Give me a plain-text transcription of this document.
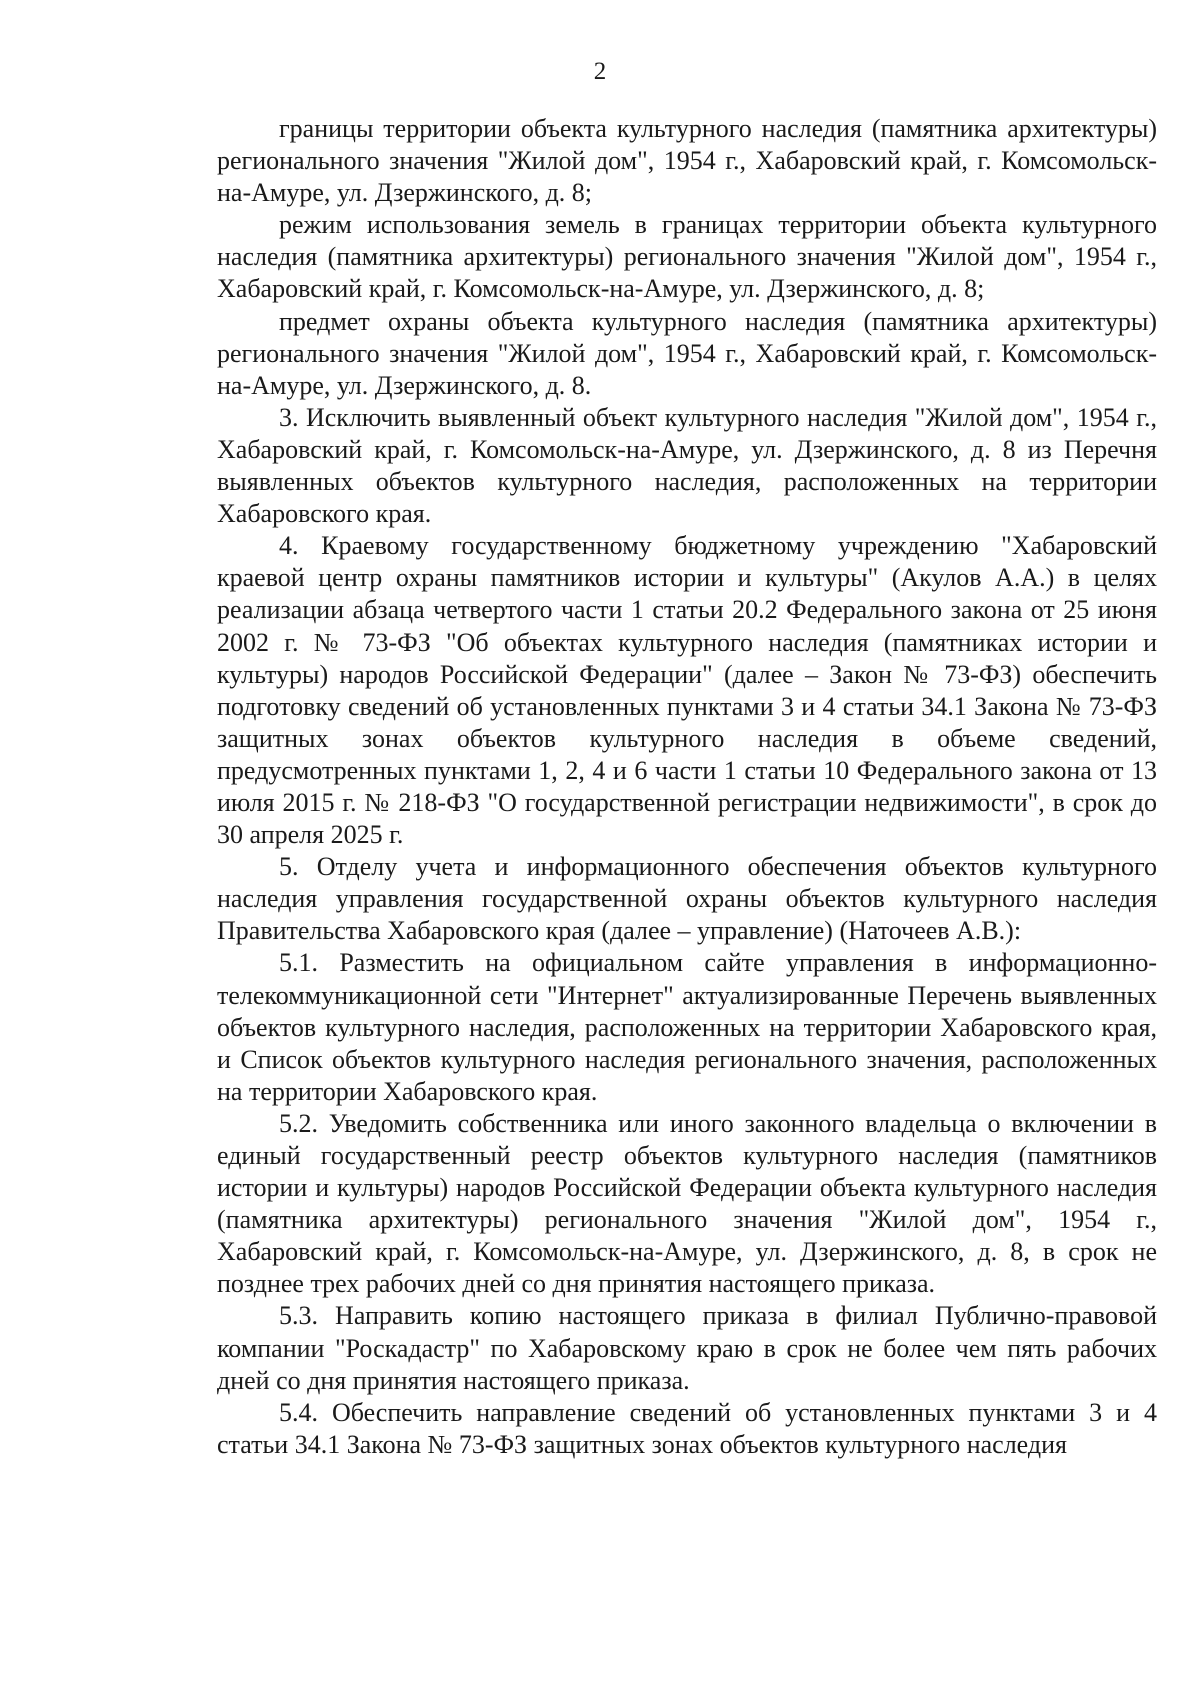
2

границы территории объекта культурного наследия (памятника архитектуры) регионального значения "Жилой дом", 1954 г., Хабаровский край, г. Комсомольск-на-Амуре, ул. Дзержинского, д. 8;

режим использования земель в границах территории объекта культурного наследия (памятника архитектуры) регионального значения "Жилой дом", 1954 г., Хабаровский край, г. Комсомольск-на-Амуре, ул. Дзержинского, д. 8;

предмет охраны объекта культурного наследия (памятника архитектуры) регионального значения "Жилой дом", 1954 г., Хабаровский край, г. Комсомольск-на-Амуре, ул. Дзержинского, д. 8.

3. Исключить выявленный объект культурного наследия "Жилой дом", 1954 г., Хабаровский край, г. Комсомольск-на-Амуре, ул. Дзержинского, д. 8 из Перечня выявленных объектов культурного наследия, расположенных на территории Хабаровского края.

4. Краевому государственному бюджетному учреждению "Хабаровский краевой центр охраны памятников истории и культуры" (Акулов А.А.) в целях реализации абзаца четвертого части 1 статьи 20.2 Федерального закона от 25 июня 2002 г. № 73-ФЗ "Об объектах культурного наследия (памятниках истории и культуры) народов Российской Федерации" (далее – Закон № 73-ФЗ) обеспечить подготовку сведений об установленных пунктами 3 и 4 статьи 34.1 Закона № 73-ФЗ защитных зонах объектов культурного наследия в объеме сведений, предусмотренных пунктами 1, 2, 4 и 6 части 1 статьи 10 Федерального закона от 13 июля 2015 г. № 218-ФЗ "О государственной регистрации недвижимости", в срок до 30 апреля 2025 г.

5. Отделу учета и информационного обеспечения объектов культурного наследия управления государственной охраны объектов культурного наследия Правительства Хабаровского края (далее – управление) (Наточеев А.В.):

5.1. Разместить на официальном сайте управления в информационно-телекоммуникационной сети "Интернет" актуализированные Перечень выявленных объектов культурного наследия, расположенных на территории Хабаровского края, и Список объектов культурного наследия регионального значения, расположенных на территории Хабаровского края.

5.2. Уведомить собственника или иного законного владельца о включении в единый государственный реестр объектов культурного наследия (памятников истории и культуры) народов Российской Федерации объекта культурного наследия (памятника архитектуры) регионального значения "Жилой дом", 1954 г., Хабаровский край, г. Комсомольск-на-Амуре, ул. Дзержинского, д. 8, в срок не позднее трех рабочих дней со дня принятия настоящего приказа.

5.3. Направить копию настоящего приказа в филиал Публично-правовой компании "Роскадастр" по Хабаровскому краю в срок не более чем пять рабочих дней со дня принятия настоящего приказа.

5.4. Обеспечить направление сведений об установленных пунктами 3 и 4 статьи 34.1 Закона № 73-ФЗ защитных зонах объектов культурного наследия
